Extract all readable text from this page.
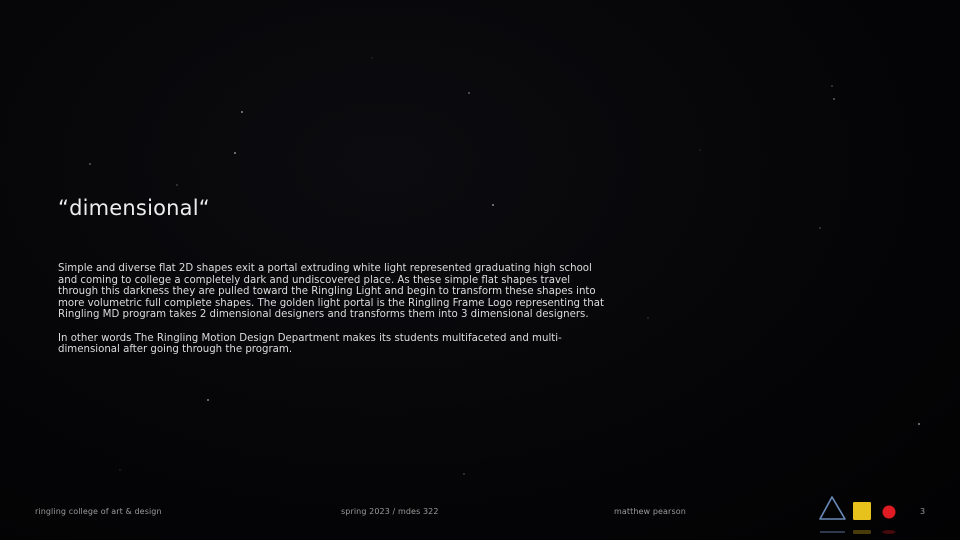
“dimensional“

Simple and diverse flat 2D shapes exit a portal extruding white light represented graduating high school and coming to college a completely dark and undiscovered place. As these simple flat shapes travel through this darkness they are pulled toward the Ringling Light and begin to transform these shapes into more volumetric full complete shapes. The golden light portal is the Ringling Frame Logo representing that Ringling MD program takes 2 dimensional designers and transforms them into 3 dimensional designers.

In other words The Ringling Motion Design Department makes its students multifaceted and multi-dimensional after going through the program.

ringling college of art & design	spring 2023 / mdes 322	matthew pearson	3
